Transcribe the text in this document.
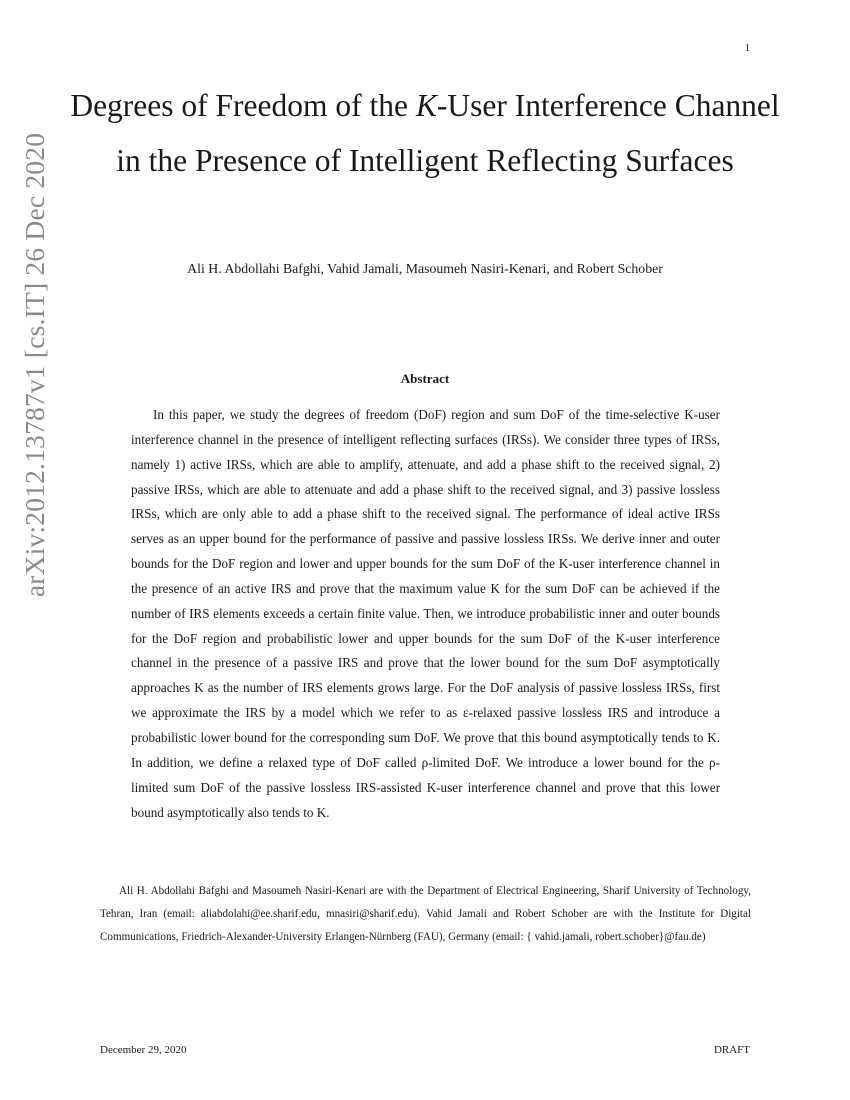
1
arXiv:2012.13787v1 [cs.IT] 26 Dec 2020
Degrees of Freedom of the K-User Interference Channel in the Presence of Intelligent Reflecting Surfaces
Ali H. Abdollahi Bafghi, Vahid Jamali, Masoumeh Nasiri-Kenari, and Robert Schober
Abstract

In this paper, we study the degrees of freedom (DoF) region and sum DoF of the time-selective K-user interference channel in the presence of intelligent reflecting surfaces (IRSs). We consider three types of IRSs, namely 1) active IRSs, which are able to amplify, attenuate, and add a phase shift to the received signal, 2) passive IRSs, which are able to attenuate and add a phase shift to the received signal, and 3) passive lossless IRSs, which are only able to add a phase shift to the received signal. The performance of ideal active IRSs serves as an upper bound for the performance of passive and passive lossless IRSs. We derive inner and outer bounds for the DoF region and lower and upper bounds for the sum DoF of the K-user interference channel in the presence of an active IRS and prove that the maximum value K for the sum DoF can be achieved if the number of IRS elements exceeds a certain finite value. Then, we introduce probabilistic inner and outer bounds for the DoF region and probabilistic lower and upper bounds for the sum DoF of the K-user interference channel in the presence of a passive IRS and prove that the lower bound for the sum DoF asymptotically approaches K as the number of IRS elements grows large. For the DoF analysis of passive lossless IRSs, first we approximate the IRS by a model which we refer to as ε-relaxed passive lossless IRS and introduce a probabilistic lower bound for the corresponding sum DoF. We prove that this bound asymptotically tends to K. In addition, we define a relaxed type of DoF called ρ-limited DoF. We introduce a lower bound for the ρ-limited sum DoF of the passive lossless IRS-assisted K-user interference channel and prove that this lower bound asymptotically also tends to K.

Ali H. Abdollahi Bafghi and Masoumeh Nasiri-Kenari are with the Department of Electrical Engineering, Sharif University of Technology, Tehran, Iran (email: aliabdolahi@ee.sharif.edu, mnasiri@sharif.edu). Vahid Jamali and Robert Schober are with the Institute for Digital Communications, Friedrich-Alexander-University Erlangen-Nürnberg (FAU), Germany (email: { vahid.jamali, robert.schober}@fau.de)

December 29, 2020	DRAFT
